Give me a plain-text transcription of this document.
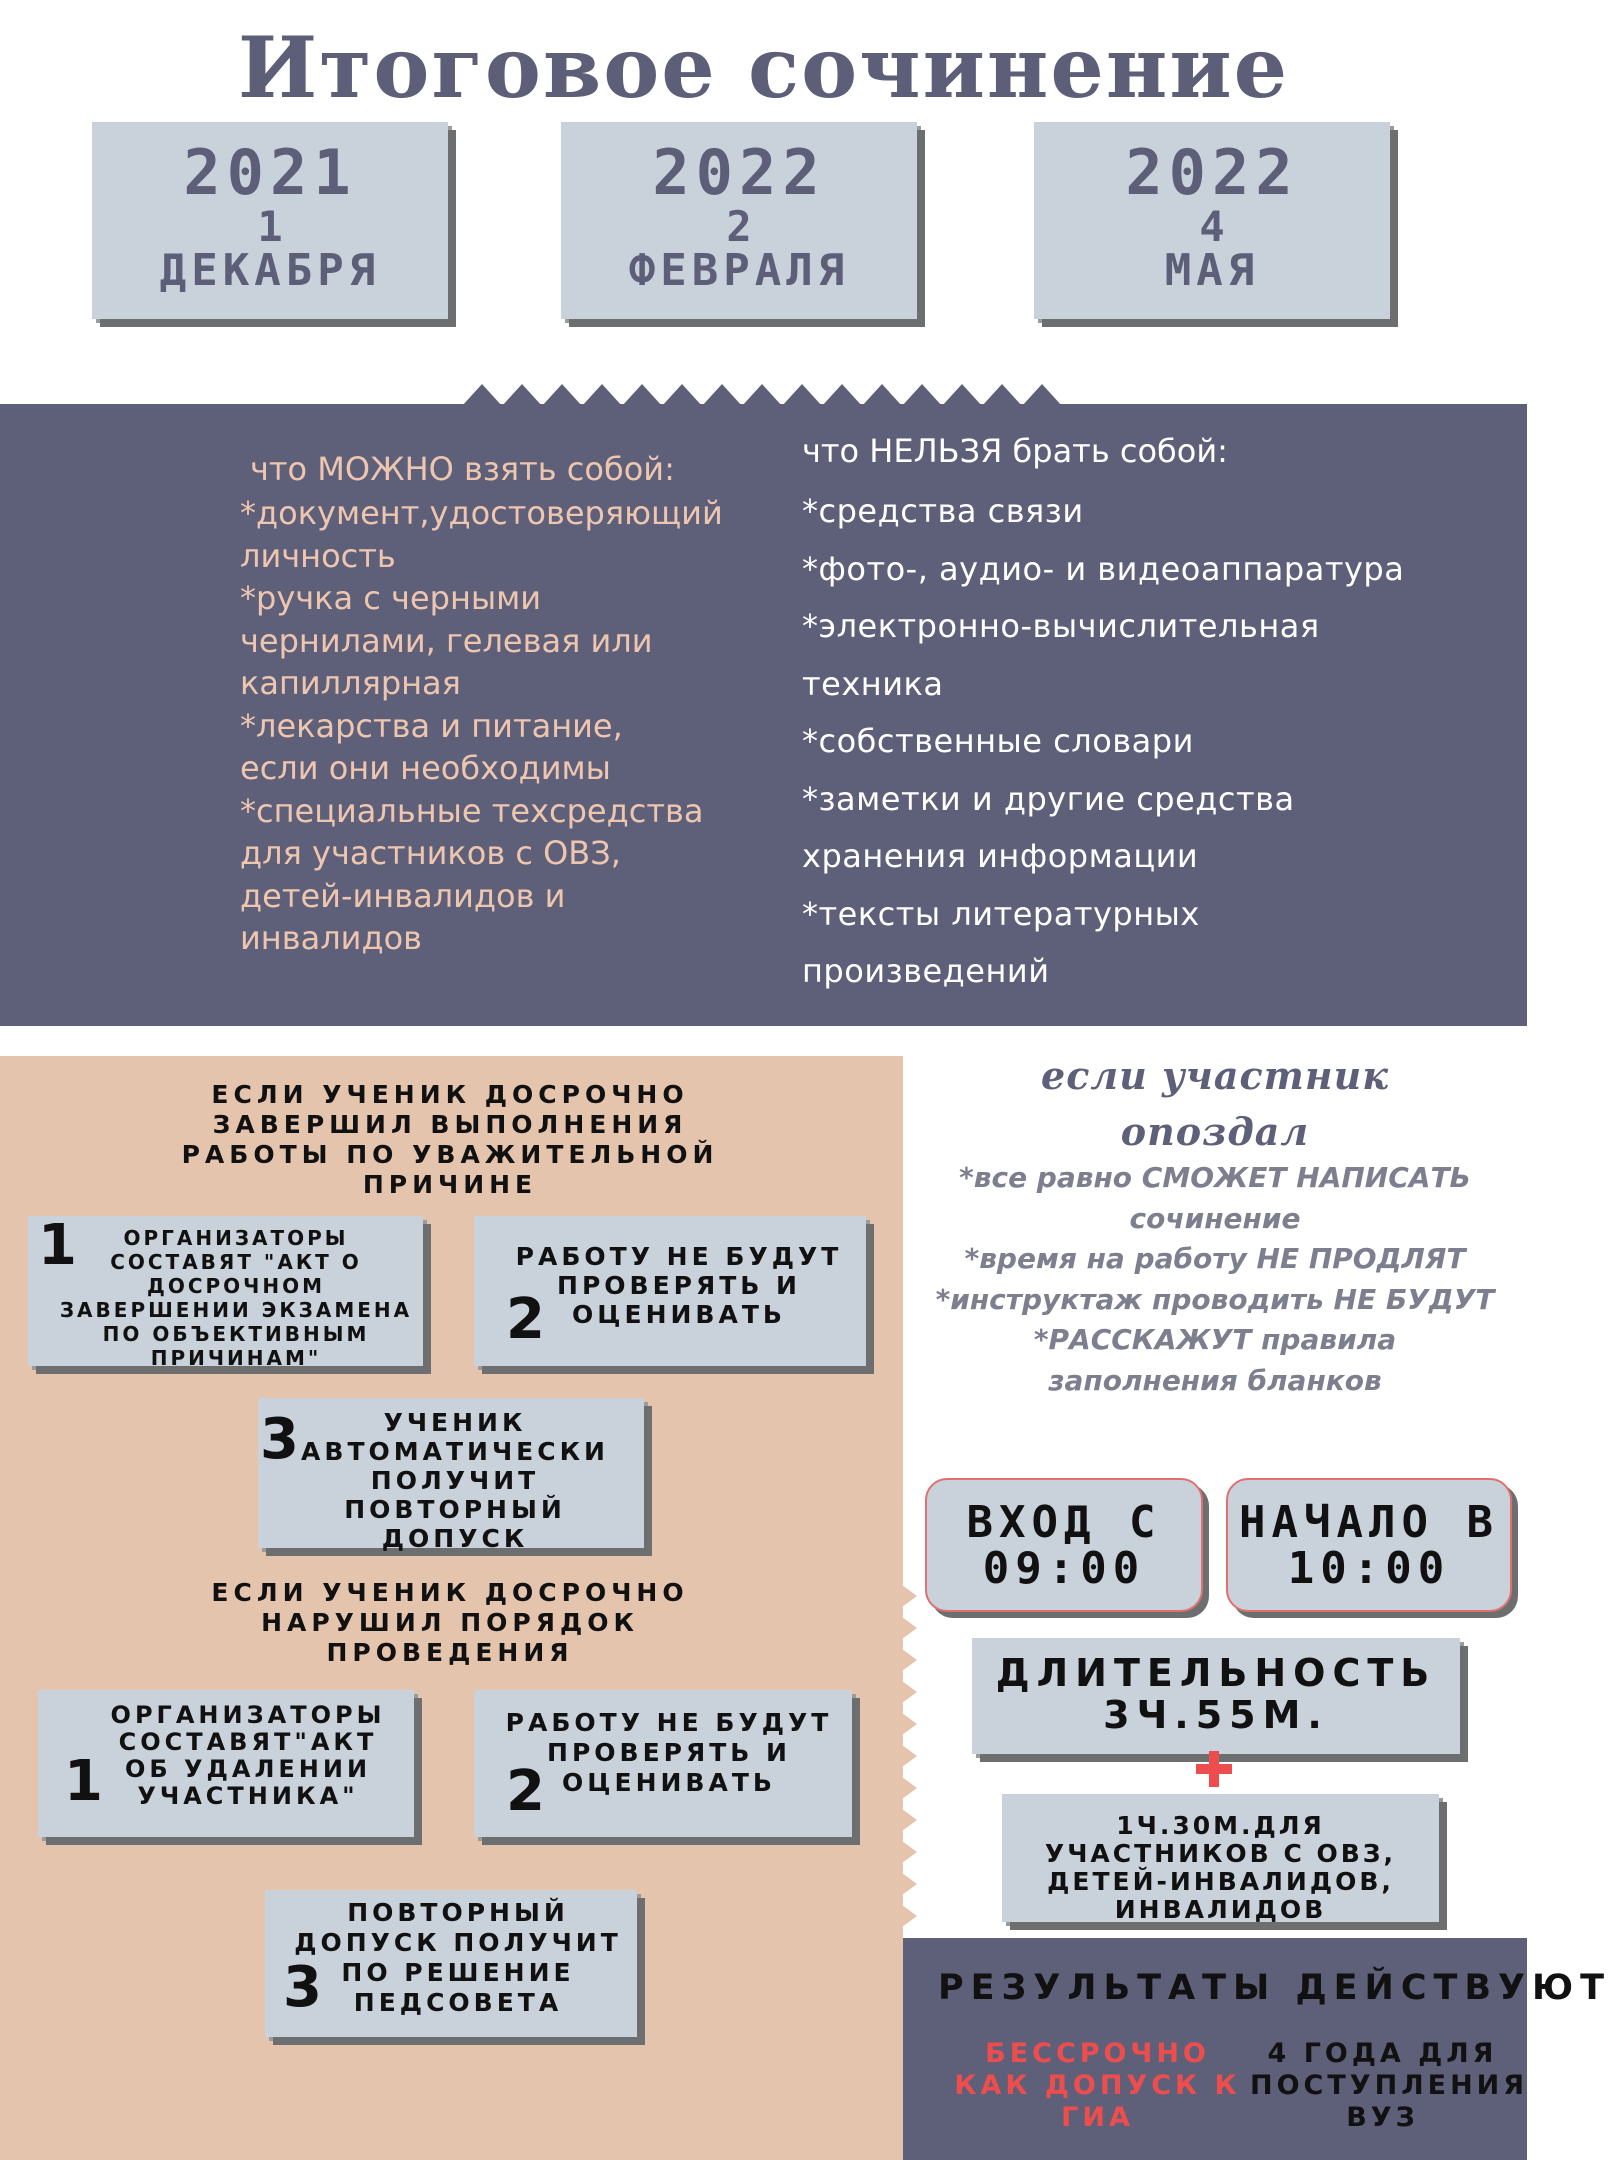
Итоговое сочинение
2021
1
ДЕКАБРЯ
2022
2
ФЕВРАЛЯ
2022
4
МАЯ
что МОЖНО взять собой:
*документ,удостоверяющий личность
*ручка с черными чернилами, гелевая или капиллярная
*лекарства и питание, если они необходимы
*специальные техсредства для участников с ОВЗ, детей-инвалидов и инвалидов
что НЕЛЬЗЯ брать собой:
*средства связи
*фото-, аудио- и видеоаппаратура
*электронно-вычислительная техника
*собственные словари
*заметки и другие средства хранения информации
*тексты литературных произведений
ЕСЛИ УЧЕНИК ДОСРОЧНО ЗАВЕРШИЛ ВЫПОЛНЕНИЯ РАБОТЫ ПО УВАЖИТЕЛЬНОЙ ПРИЧИНЕ
1	ОРГАНИЗАТОРЫ СОСТАВЯТ "АКТ О ДОСРОЧНОМ ЗАВЕРШЕНИИ ЭКЗАМЕНА ПО ОБЪЕКТИВНЫМ ПРИЧИНАМ"
2
РАБОТУ НЕ БУДУТ ПРОВЕРЯТЬ И ОЦЕНИВАТЬ
3	УЧЕНИК АВТОМАТИЧЕСКИ ПОЛУЧИТ ПОВТОРНЫЙ ДОПУСК
ЕСЛИ УЧЕНИК ДОСРОЧНО НАРУШИЛ ПОРЯДОК ПРОВЕДЕНИЯ
1
ОРГАНИЗАТОРЫ СОСТАВЯТ"АКТ ОБ УДАЛЕНИИ УЧАСТНИКА"	2
РАБОТУ НЕ БУДУТ ПРОВЕРЯТЬ И ОЦЕНИВАТЬ
3
ПОВТОРНЫЙ ДОПУСК ПОЛУЧИТ ПО РЕШЕНИЕ ПЕДСОВЕТА
если участник опоздал
*все равно СМОЖЕТ НАПИСАТЬ сочинение
*время на работу НЕ ПРОДЛЯТ
*инструктаж проводить НЕ БУДУТ
*РАССКАЖУТ правила заполнения бланков
ВХОД С
09:00
НАЧАЛО В
10:00
ДЛИТЕЛЬНОСТЬ
3Ч.55М.
1Ч.30М.ДЛЯ УЧАСТНИКОВ С ОВЗ, ДЕТЕЙ-ИНВАЛИДОВ, ИНВАЛИДОВ
РЕЗУЛЬТАТЫ ДЕЙСТВУЮТ
БЕССРОЧНО КАК ДОПУСК К ГИА
4 ГОДА ДЛЯ ПОСТУПЛЕНИЯ ВУЗ
